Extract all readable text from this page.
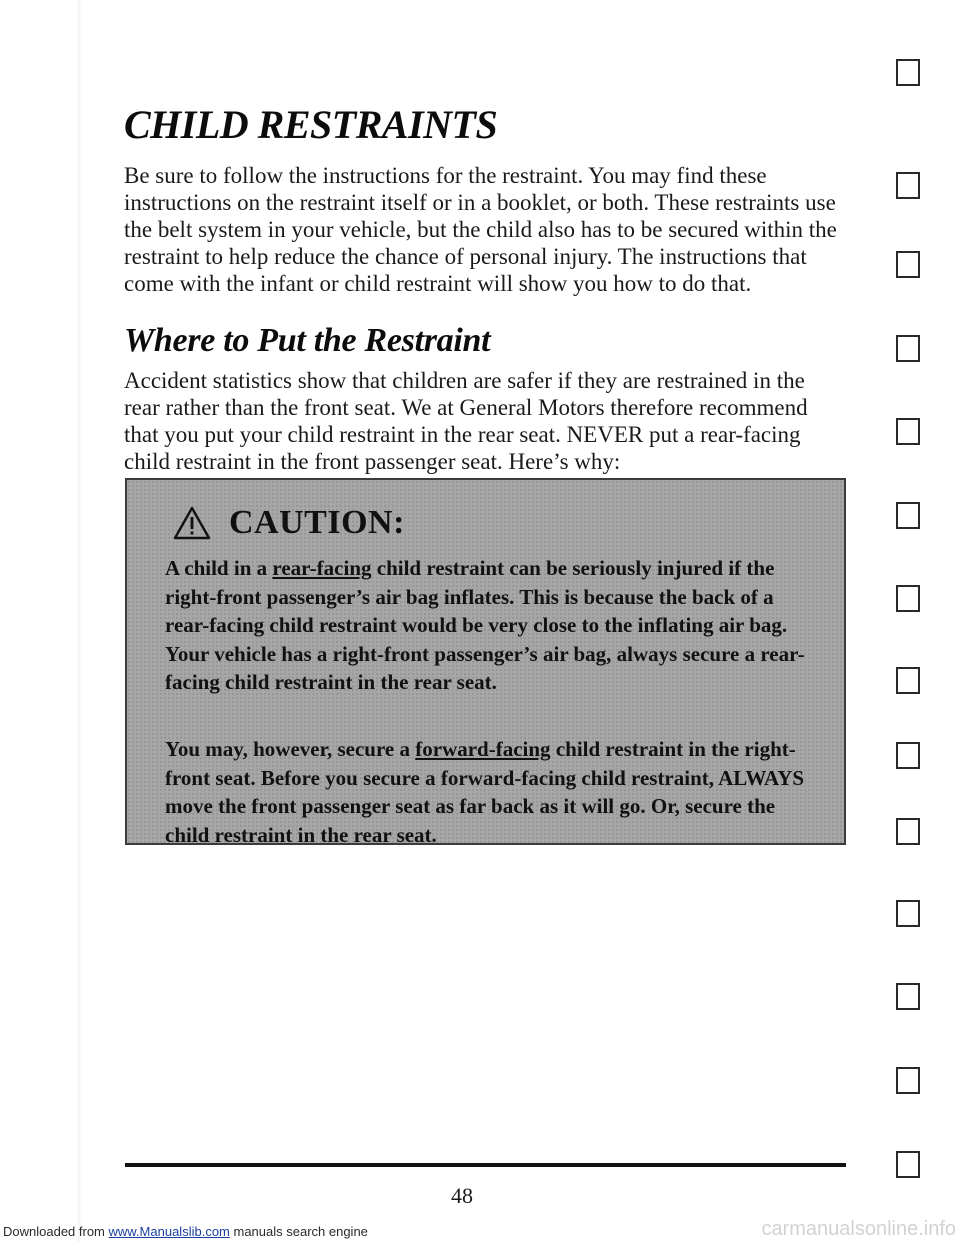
CHILD RESTRAINTS

Be sure to follow the instructions for the restraint. You may find these instructions on the restraint itself or in a booklet, or both. These restraints use the belt system in your vehicle, but the child also has to be secured within the restraint to help reduce the chance of personal injury. The instructions that come with the infant or child restraint will show you how to do that.

Where to Put the Restraint

Accident statistics show that children are safer if they are restrained in the rear rather than the front seat. We at General Motors therefore recommend that you put your child restraint in the rear seat. NEVER put a rear-facing child restraint in the front passenger seat. Here’s why:

CAUTION:

A child in a rear-facing child restraint can be seriously injured if the right-front passenger’s air bag inflates. This is because the back of a rear-facing child restraint would be very close to the inflating air bag. Your vehicle has a right-front passenger’s air bag, always secure a rear-facing child restraint in the rear seat.

You may, however, secure a forward-facing child restraint in the right-front seat. Before you secure a forward-facing child restraint, ALWAYS move the front passenger seat as far back as it will go. Or, secure the child restraint in the rear seat.

48
Downloaded from www.Manualslib.com manuals search engine	carmanualsonline.info
